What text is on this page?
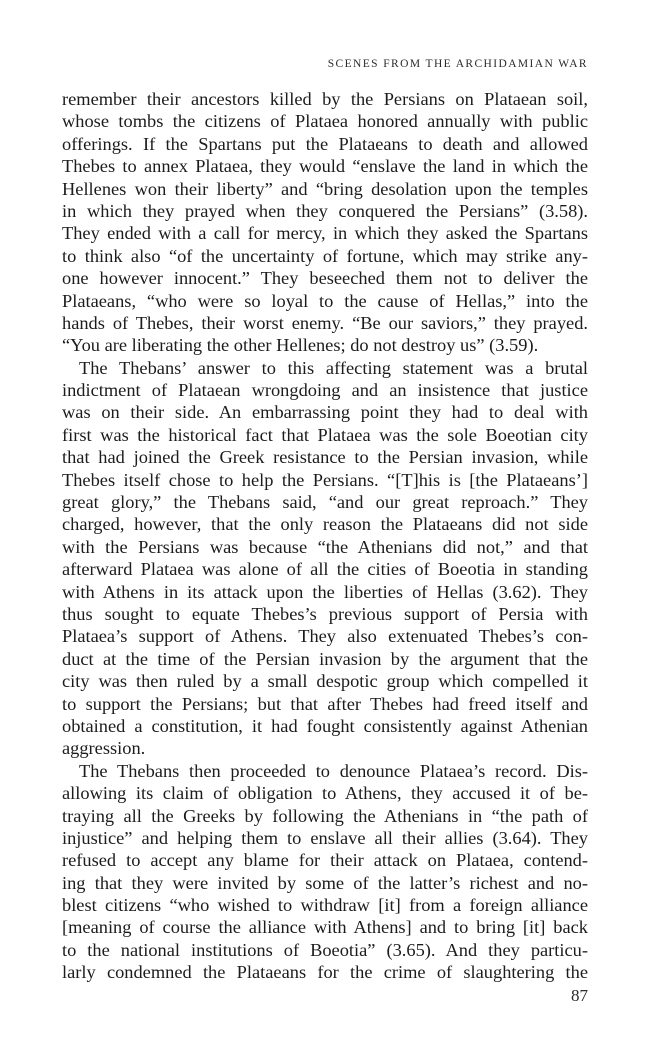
SCENES FROM THE ARCHIDAMIAN WAR
remember their ancestors killed by the Persians on Plataean soil,
whose tombs the citizens of Plataea honored annually with public
offerings. If the Spartans put the Plataeans to death and allowed
Thebes to annex Plataea, they would “enslave the land in which the
Hellenes won their liberty” and “bring desolation upon the temples
in which they prayed when they conquered the Persians” (3.58).
They ended with a call for mercy, in which they asked the Spartans
to think also “of the uncertainty of fortune, which may strike any-
one however innocent.” They beseeched them not to deliver the
Plataeans, “who were so loyal to the cause of Hellas,” into the
hands of Thebes, their worst enemy. “Be our saviors,” they prayed.
“You are liberating the other Hellenes; do not destroy us” (3.59).
The Thebans’ answer to this affecting statement was a brutal
indictment of Plataean wrongdoing and an insistence that justice
was on their side. An embarrassing point they had to deal with
first was the historical fact that Plataea was the sole Boeotian city
that had joined the Greek resistance to the Persian invasion, while
Thebes itself chose to help the Persians. “[T]his is [the Plataeans’]
great glory,” the Thebans said, “and our great reproach.” They
charged, however, that the only reason the Plataeans did not side
with the Persians was because “the Athenians did not,” and that
afterward Plataea was alone of all the cities of Boeotia in standing
with Athens in its attack upon the liberties of Hellas (3.62). They
thus sought to equate Thebes’s previous support of Persia with
Plataea’s support of Athens. They also extenuated Thebes’s con-
duct at the time of the Persian invasion by the argument that the
city was then ruled by a small despotic group which compelled it
to support the Persians; but that after Thebes had freed itself and
obtained a constitution, it had fought consistently against Athenian
aggression.
The Thebans then proceeded to denounce Plataea’s record. Dis-
allowing its claim of obligation to Athens, they accused it of be-
traying all the Greeks by following the Athenians in “the path of
injustice” and helping them to enslave all their allies (3.64). They
refused to accept any blame for their attack on Plataea, contend-
ing that they were invited by some of the latter’s richest and no-
blest citizens “who wished to withdraw [it] from a foreign alliance
[meaning of course the alliance with Athens] and to bring [it] back
to the national institutions of Boeotia” (3.65). And they particu-
larly condemned the Plataeans for the crime of slaughtering the
87
